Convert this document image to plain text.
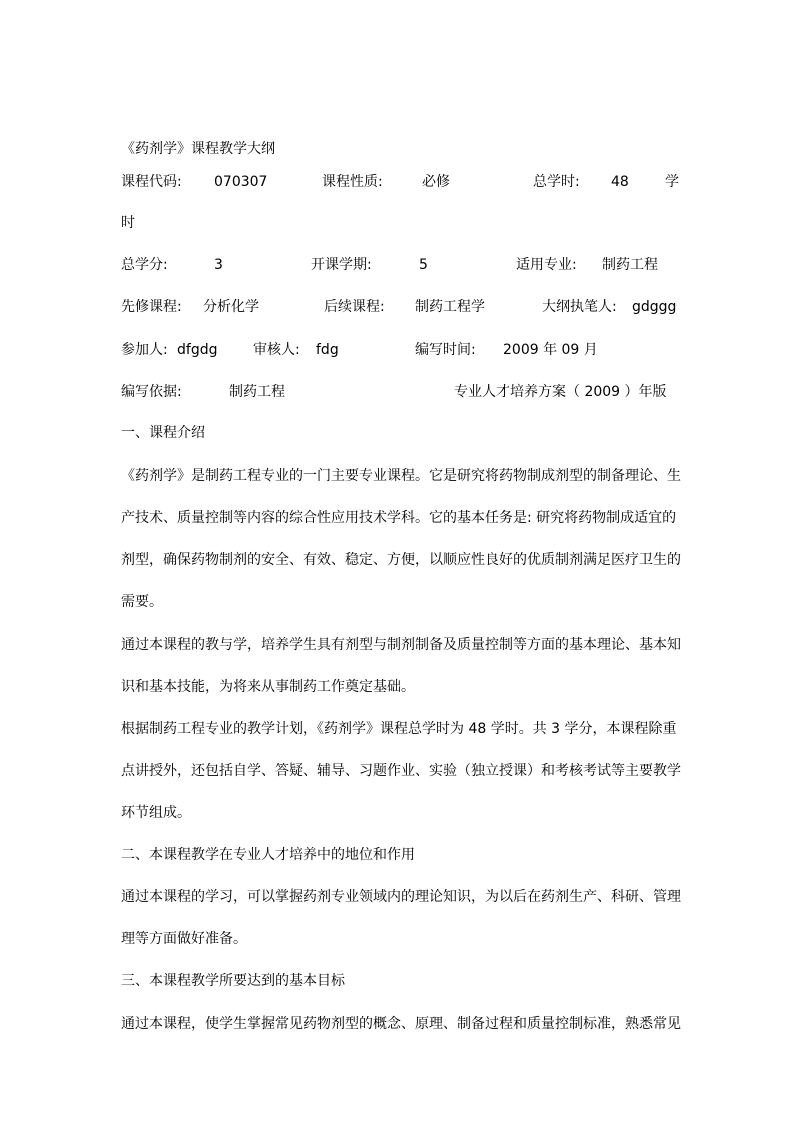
《药剂学》课程教学大纲
课程代码: 070307	课程性质:	必修	总学时: 48	学
时
总学分:	3	开课学期:	5	适用专业: 制药工程
先修课程: 分析化学	后续课程: 制药工程学	大纲执笔人: gdggg
参加人: dfgdg	审核人: fdg	编写时间: 2009 年 09 月
编写依据:	制药工程	专业人才培养方案（ 2009 ）年版
一、课程介绍
《药剂学》是制药工程专业的一门主要专业课程。它是研究将药物制成剂型的制备理论、生
产技术、质量控制等内容的综合性应用技术学科。它的基本任务是: 研究将药物制成适宜的
剂型，确保药物制剂的安全、有效、稳定、方便，以顺应性良好的优质制剂满足医疗卫生的
需要。
通过本课程的教与学，培养学生具有剂型与制剂制备及质量控制等方面的基本理论、基本知
识和基本技能，为将来从事制药工作奠定基础。
根据制药工程专业的教学计划，《药剂学》课程总学时为 48 学时。共 3 学分，本课程除重
点讲授外，还包括自学、答疑、辅导、习题作业、实验（独立授课）和考核考试等主要教学
环节组成。
二、本课程教学在专业人才培养中的地位和作用
通过本课程的学习，可以掌握药剂专业领域内的理论知识，为以后在药剂生产、科研、管理
理等方面做好准备。
三、本课程教学所要达到的基本目标
通过本课程，使学生掌握常见药物剂型的概念、原理、制备过程和质量控制标准，熟悉常见
